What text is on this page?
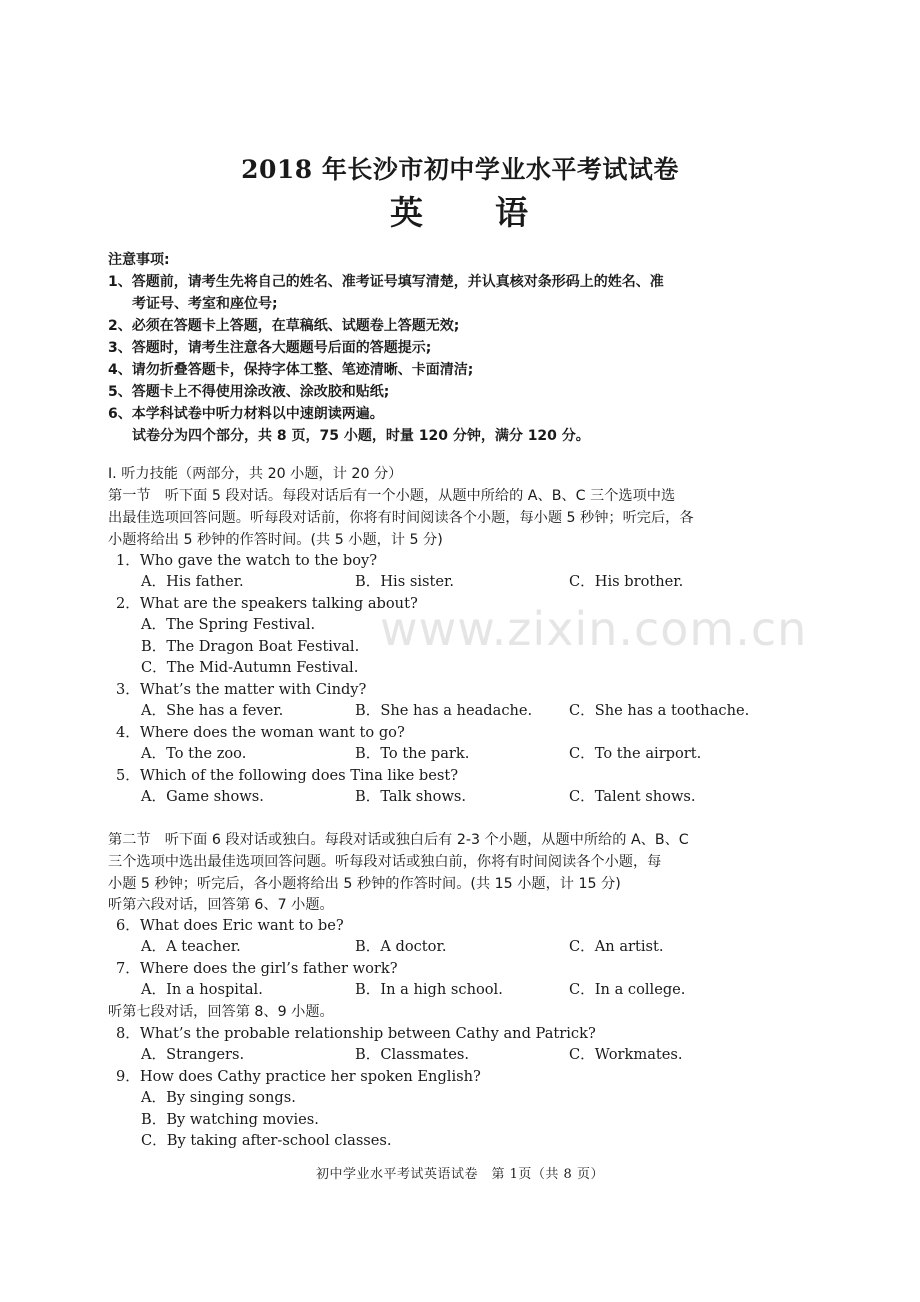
2018 年长沙市初中学业水平考试试卷
英 语
注意事项:
1、答题前，请考生先将自己的姓名、准考证号填写清楚，并认真核对条形码上的姓名、准
考证号、考室和座位号;
2、必须在答题卡上答题，在草稿纸、试题卷上答题无效;
3、答题时，请考生注意各大题题号后面的答题提示;
4、请勿折叠答题卡，保持字体工整、笔迹清晰、卡面清洁;
5、答题卡上不得使用涂改液、涂改胶和贴纸;
6、本学科试卷中听力材料以中速朗读两遍。
试卷分为四个部分，共 8 页，75 小题，时量 120 分钟，满分 120 分。
I. 听力技能（两部分，共 20 小题，计 20 分）
第一节　听下面 5 段对话。每段对话后有一个小题，从题中所给的 A、B、C 三个选项中选
出最佳选项回答问题。听每段对话前，你将有时间阅读各个小题，每小题 5 秒钟；听完后，各
小题将给出 5 秒钟的作答时间。(共 5 小题，计 5 分)
1．Who gave the watch to the boy?
A．His father.	B．His sister.	C．His brother.
2．What are the speakers talking about?
A．The Spring Festival.
B．The Dragon Boat Festival.
C．The Mid-Autumn Festival.
3．What’s the matter with Cindy?
A．She has a fever.	B．She has a headache.	C．She has a toothache.
4．Where does the woman want to go?
A．To the zoo.	B．To the park.	C．To the airport.
5．Which of the following does Tina like best?
A．Game shows.	B．Talk shows.	C．Talent shows.
第二节　听下面 6 段对话或独白。每段对话或独白后有 2-3 个小题，从题中所给的 A、B、C
三个选项中选出最佳选项回答问题。听每段对话或独白前，你将有时间阅读各个小题，每
小题 5 秒钟；听完后，各小题将给出 5 秒钟的作答时间。(共 15 小题，计 15 分)
听第六段对话，回答第 6、7 小题。
6．What does Eric want to be?
A．A teacher.	B．A doctor.	C．An artist.
7．Where does the girl’s father work?
A．In a hospital.	B．In a high school.	C．In a college.
听第七段对话，回答第 8、9 小题。
8．What’s the probable relationship between Cathy and Patrick?
A．Strangers.	B．Classmates.	C．Workmates.
9．How does Cathy practice her spoken English?
A．By singing songs.
B．By watching movies.
C．By taking after-school classes.
www.zixin.com.cn
初中学业水平考试英语试卷　第 1页（共 8 页）
